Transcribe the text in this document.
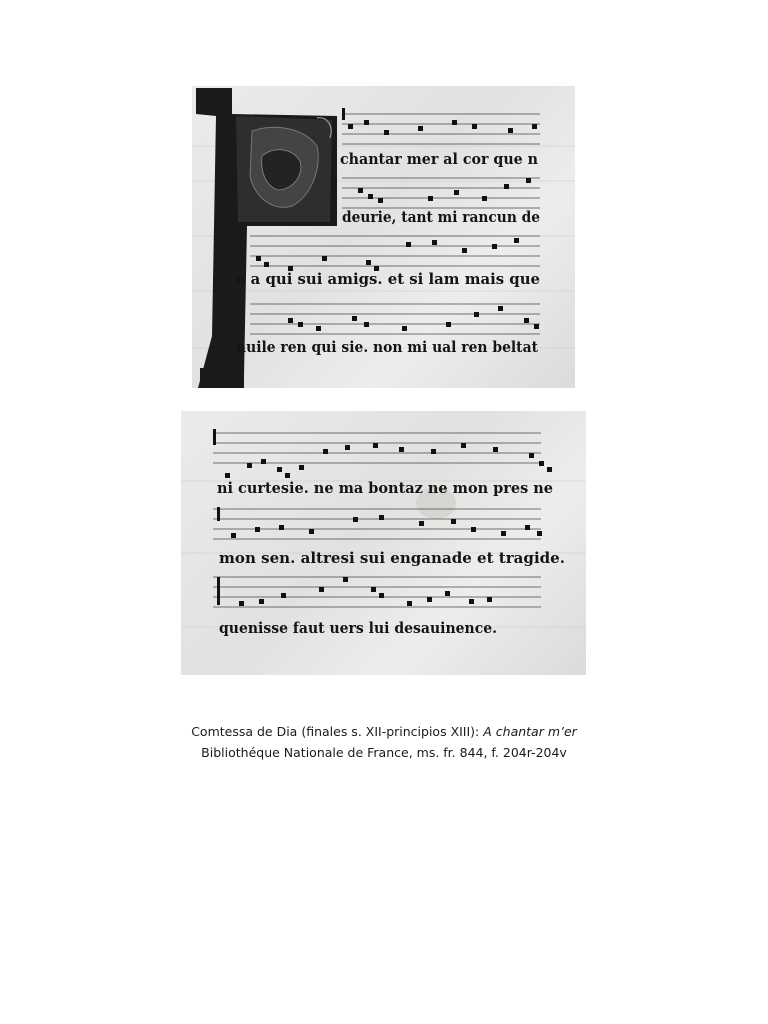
chantar mer al cor que n
deurie, tant mi rancun de
e a qui sui amigs. et si lam mais que
nuile ren qui sie. non mi ual ren beltat
ni curtesie. ne ma bontaz ne mon pres ne
mon sen. altresi sui enganade et tragide.
quenisse faut uers lui desauinence.
Comtessa de Dia (finales s. XII-principios XIII): A chantar m’er
Bibliothéque Nationale de France, ms. fr. 844, f. 204r-204v
